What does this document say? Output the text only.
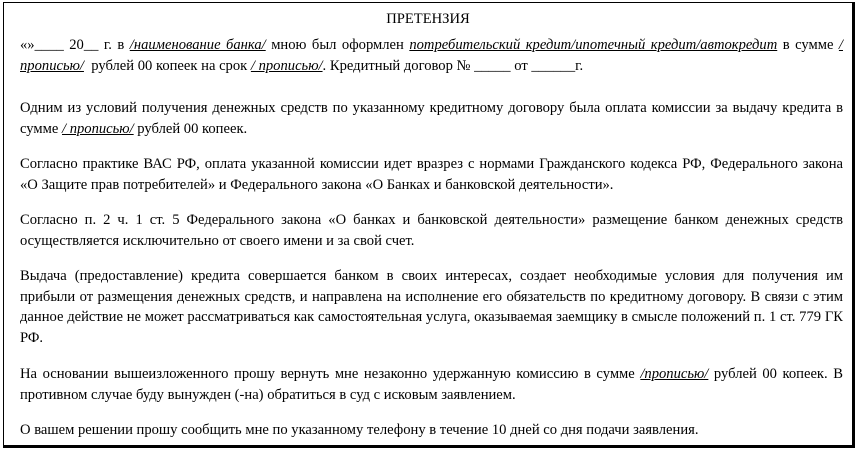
ПРЕТЕНЗИЯ
«»____ 20__ г. в /наименование банка/ мною был оформлен потребительский кредит/ипотечный кредит/автокредит в сумме / прописью/  рублей 00 копеек на срок / прописью/. Кредитный договор № _____ от ______г.
Одним из условий получения денежных средств по указанному кредитному договору была оплата комиссии за выдачу кредита в сумме / прописью/ рублей 00 копеек.
Согласно практике ВАС РФ, оплата указанной комиссии идет вразрез с нормами Гражданского кодекса РФ, Федерального закона «О Защите прав потребителей» и Федерального закона «О Банках и банковской деятельности».
Согласно п. 2 ч. 1 ст. 5 Федерального закона «О банках и банковской деятельности» размещение банком денежных средств осуществляется исключительно от своего имени и за свой счет.
Выдача (предоставление) кредита совершается банком в своих интересах, создает необходимые условия для получения им прибыли от размещения денежных средств, и направлена на исполнение его обязательств по кредитному договору. В связи с этим данное действие не может рассматриваться как самостоятельная услуга, оказываемая заемщику в смысле положений п. 1 ст. 779 ГК РФ.
На основании вышеизложенного прошу вернуть мне незаконно удержанную комиссию в сумме /прописью/ рублей 00 копеек. В противном случае буду вынужден (-на) обратиться в суд с исковым заявлением.
О вашем решении прошу сообщить мне по указанному телефону в течение 10 дней со дня подачи заявления.
